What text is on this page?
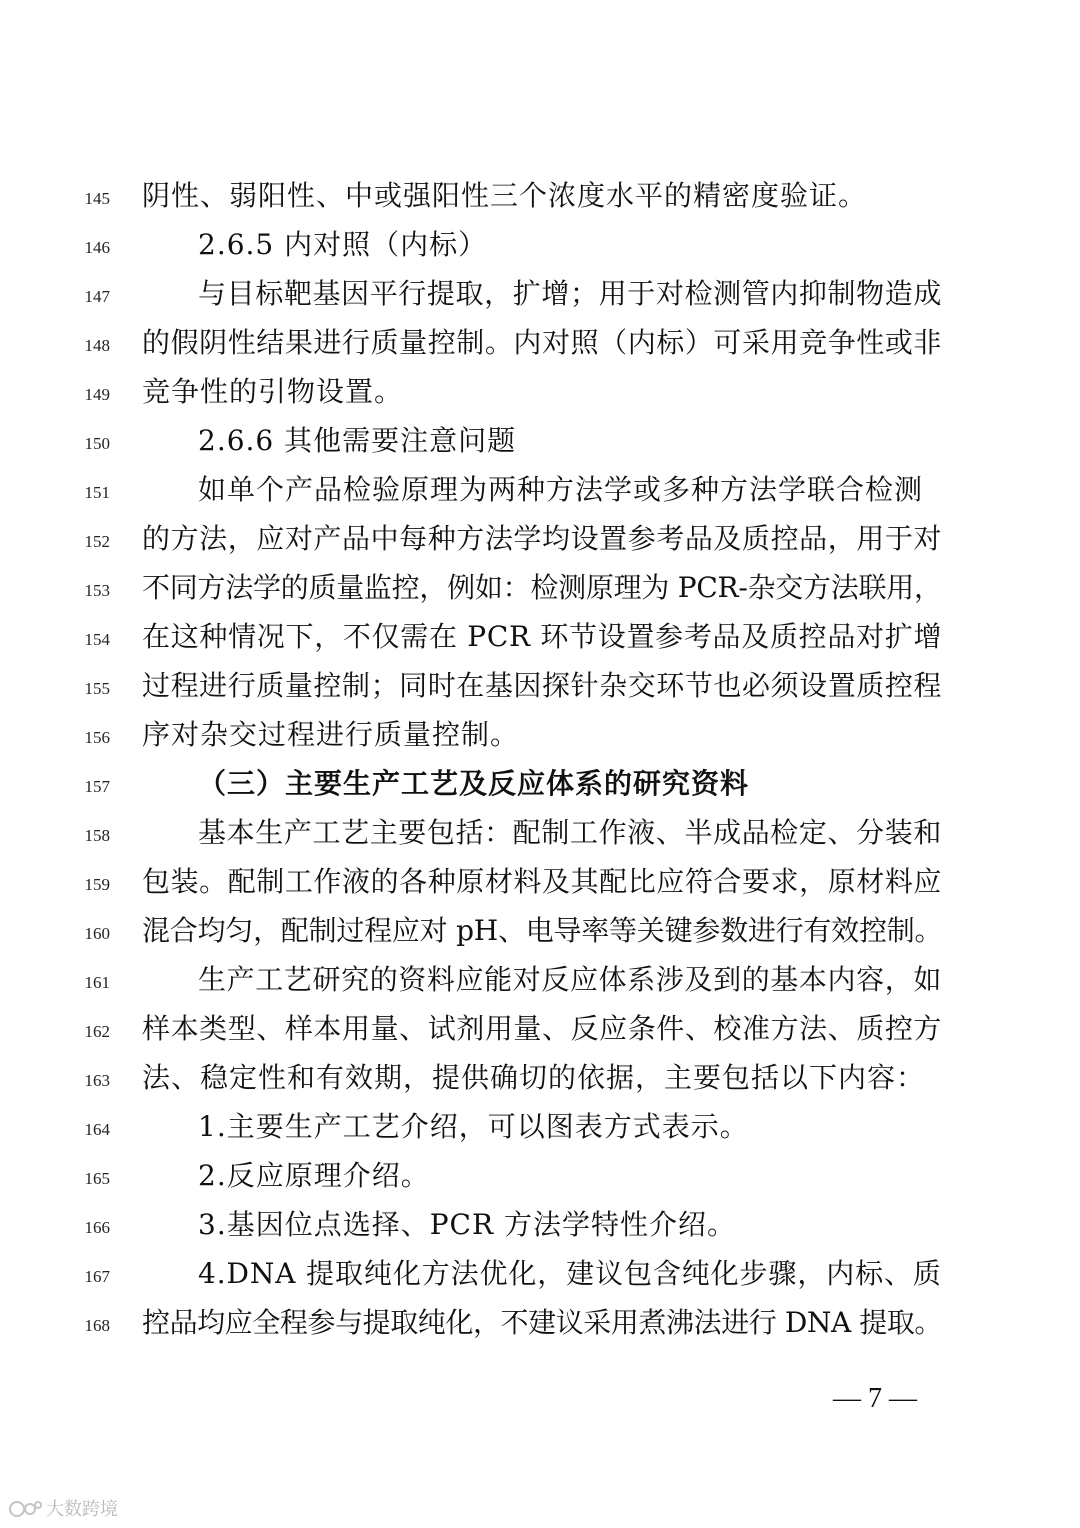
145 阴性、弱阳性、中或强阳性三个浓度水平的精密度验证。
146	2.6.5 内对照（内标）
147	与目标靶基因平行提取，扩增；用于对检测管内抑制物造成
148 的假阴性结果进行质量控制。内对照（内标）可采用竞争性或非
149 竞争性的引物设置。
150	2.6.6 其他需要注意问题
151	如单个产品检验原理为两种方法学或多种方法学联合检测
152 的方法，应对产品中每种方法学均设置参考品及质控品，用于对
153 不同方法学的质量监控，例如：检测原理为 PCR-杂交方法联用，
154 在这种情况下，不仅需在 PCR 环节设置参考品及质控品对扩增
155 过程进行质量控制；同时在基因探针杂交环节也必须设置质控程
156 序对杂交过程进行质量控制。
157	（三）主要生产工艺及反应体系的研究资料
158	基本生产工艺主要包括：配制工作液、半成品检定、分装和
159 包装。配制工作液的各种原材料及其配比应符合要求，原材料应
160 混合均匀，配制过程应对 pH、电导率等关键参数进行有效控制。
161	生产工艺研究的资料应能对反应体系涉及到的基本内容，如
162 样本类型、样本用量、试剂用量、反应条件、校准方法、质控方
163 法、稳定性和有效期，提供确切的依据，主要包括以下内容：
164	1.主要生产工艺介绍，可以图表方式表示。
165	2.反应原理介绍。
166	3.基因位点选择、PCR 方法学特性介绍。
167	4.DNA 提取纯化方法优化，建议包含纯化步骤，内标、质
168 控品均应全程参与提取纯化，不建议采用煮沸法进行 DNA 提取。
— 7 —
大数跨境
